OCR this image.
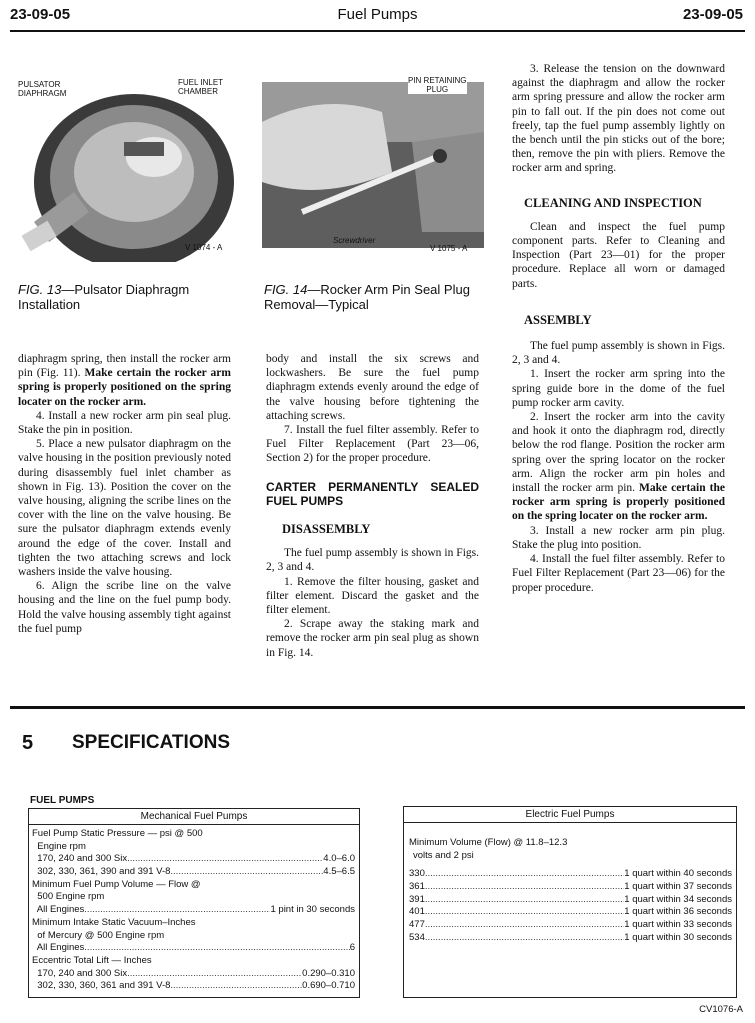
23-09-05	Fuel Pumps	23-09-05
PULSATOR
DIAPHRAGM
FUEL INLET
CHAMBER
V 1074 - A
FIG. 13—Pulsator Diaphragm Installation
PIN RETAINING
PLUG
Screwdriver
V 1075 - A
FIG. 14—Rocker Arm Pin Seal Plug Removal—Typical

diaphragm spring, then install the rocker arm pin (Fig. 11). Make certain the rocker arm spring is properly positioned on the spring locater on the rocker arm.

4. Install a new rocker arm pin seal plug. Stake the pin in position.

5. Place a new pulsator diaphragm on the valve housing in the position previously noted during disassembly fuel inlet chamber as shown in Fig. 13). Position the cover on the valve housing, aligning the scribe lines on the cover with the line on the valve housing. Be sure the pulsator diaphragm extends evenly around the edge of the cover. Install and tighten the two attaching screws and lock washers inside the valve housing.

6. Align the scribe line on the valve housing and the line on the fuel pump body. Hold the valve housing assembly tight against the fuel pump

body and install the six screws and lockwashers. Be sure the fuel pump diaphragm extends evenly around the edge of the valve housing before tightening the attaching screws.

7. Install the fuel filter assembly. Refer to Fuel Filter Replacement (Part 23—06, Section 2) for the proper procedure.

CARTER PERMANENTLY SEALED FUEL PUMPS
DISASSEMBLY

The fuel pump assembly is shown in Figs. 2, 3 and 4.

1. Remove the filter housing, gasket and filter element. Discard the gasket and the filter element.

2. Scrape away the staking mark and remove the rocker arm pin seal plug as shown in Fig. 14.

3. Release the tension on the downward against the diaphragm and allow the rocker arm spring pressure and allow the rocker arm pin to fall out. If the pin does not come out freely, tap the fuel pump assembly lightly on the bench until the pin sticks out of the bore; then, remove the pin with pliers. Remove the rocker arm and spring.

CLEANING AND INSPECTION

Clean and inspect the fuel pump component parts. Refer to Cleaning and Inspection (Part 23—01) for the proper procedure. Replace all worn or damaged parts.

ASSEMBLY

The fuel pump assembly is shown in Figs. 2, 3 and 4.

1. Insert the rocker arm spring into the spring guide bore in the dome of the fuel pump rocker arm cavity.

2. Insert the rocker arm into the cavity and hook it onto the diaphragm rod, directly below the rod flange. Position the rocker arm spring over the spring locator on the rocker arm. Align the rocker arm pin holes and install the rocker arm pin. Make certain the rocker arm spring is properly positioned on the spring locater on the rocker arm.

3. Install a new rocker arm pin plug. Stake the plug into position.

4. Install the fuel filter assembly. Refer to Fuel Filter Replacement (Part 23—06) for the proper procedure.

5 SPECIFICATIONS
FUEL PUMPS
Mechanical Fuel Pumps
Fuel Pump Static Pressure — psi @ 500
Engine rpm
170, 240 and 300 Six .....	4.0–6.0
302, 330, 361, 390 and 391 V-8 .....	4.5–6.5
Minimum Fuel Pump Volume — Flow @
500 Engine rpm
All Engines .....	1 pint in 30 seconds
Minimum Intake Static Vacuum–Inches
of Mercury @ 500 Engine rpm
All Engines .....	6
Eccentric Total Lift — Inches
170, 240 and 300 Six .....	0.290–0.310
302, 330, 360, 361 and 391 V-8 .....	0.690–0.710
Electric Fuel Pumps
Minimum Volume (Flow) @ 11.8–12.3
volts and 2 psi
330 .....	1 quart within 40 seconds
361 .....	1 quart within 37 seconds
391 .....	1 quart within 34 seconds
401 .....	1 quart within 36 seconds
477 .....	1 quart within 33 seconds
534 .....	1 quart within 30 seconds
CV1076-A
